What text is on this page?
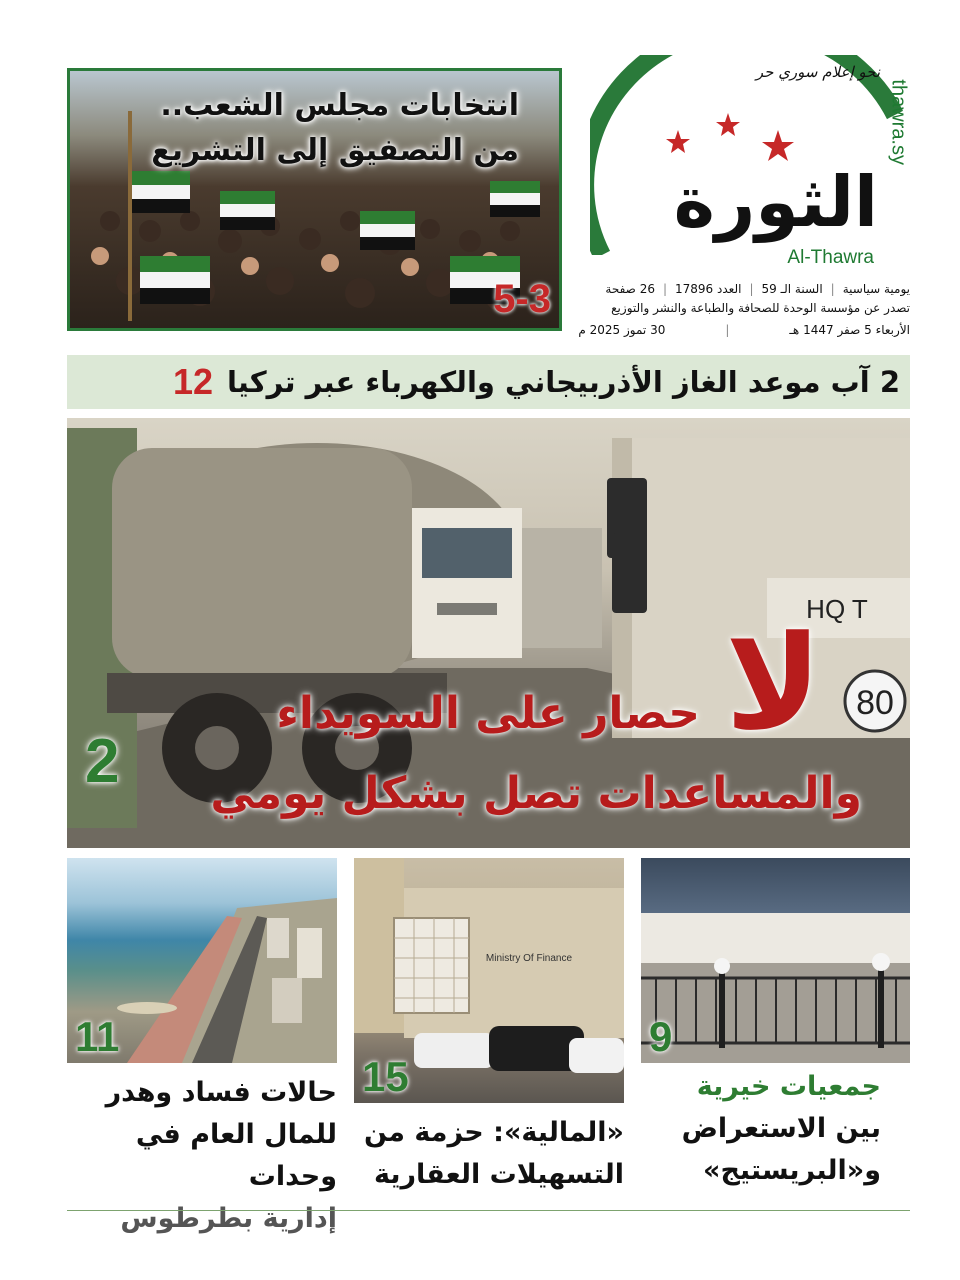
نحو إعلام سوري حر
الثورة
Al-Thawra
thawra.sy
يومية سياسية|السنة الـ 59|العدد 17896|26 صفحة
تصدر عن مؤسسة الوحدة للصحافة والطباعة والنشر والتوزيع
الأربعاء 5 صفر 1447 هـ|30 تموز 2025 م
انتخابات مجلس الشعب..
من التصفيق إلى التشريع
5-3
2 آب موعد الغاز الأذربيجاني والكهرباء عبر تركيا
12
HQ T
80
لا
حصار على السويداء
والمساعدات تصل بشكل يومي
2
11
حالات فساد وهدر
للمال العام في وحدات
إدارية بطرطوس
Ministry Of Finance
15
«المالية»: حزمة من
التسهيلات العقارية
9
جمعيات خيرية
بين الاستعراض
و«البريستيج»
